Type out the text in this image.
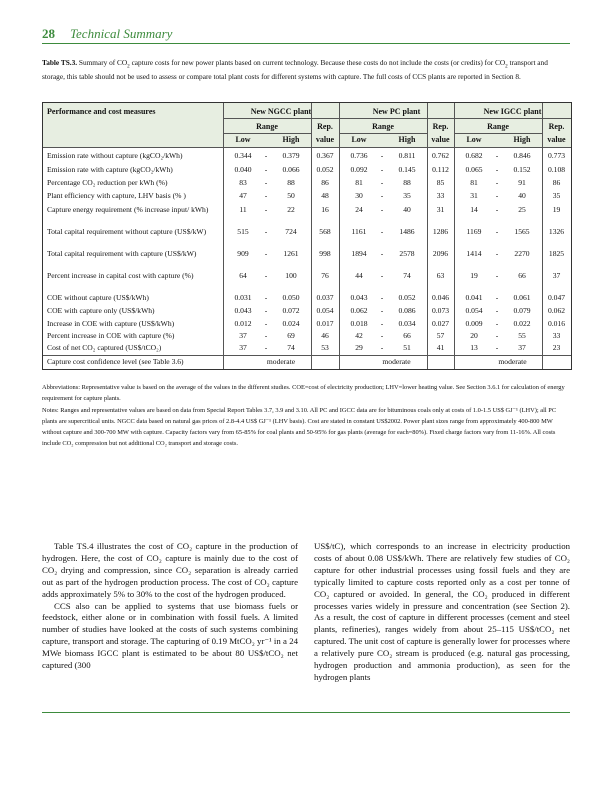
28 Technical Summary
Table TS.3. Summary of $CO_2$ capture costs for new power plants based on current technology. Because these costs do not include the costs (or credits) for $CO_2$ transport and storage, this table should not be used to assess or compare total plant costs for different systems with capture. The full costs of CCS plants are reported in Section 8.
Performance and cost measures	New NGCC plant	New PC plant	New IGCC plant
Range	Rep.
Low	High	value
Range	Rep.
Low	High	value
Range	Rep.
Low	High	value
Emission rate without capture (kgCO₂/kWh)	0.344	-	0.379	0.367	0.736	-	0.811	0.762	0.682	-	0.846	0.773
Emission rate with capture (kgCO₂/kWh)	0.040	-	0.066	0.052	0.092	-	0.145	0.112	0.065	-	0.152	0.108
Percentage CO₂ reduction per kWh (%)	83	-	88	86	81	-	88	85	81	-	91	86
Plant efficiency with capture, LHV basis (% )	47	-	50	48	30	-	35	33	31	-	40	35
Capture energy requirement (% increase input/ kWh)	11	-	22	16	24	-	40	31	14	-	25	19
Total capital requirement without capture (US$/kW)	515	-	724	568	1161	-	1486	1286	1169	-	1565	1326
Total capital requirement with capture (US$/kW)	909	-	1261	998	1894	-	2578	2096	1414	-	2270	1825
Percent increase in capital cost with capture (%)	64	-	100	76	44	-	74	63	19	-	66	37
COE without capture (US$/kWh)	0.031	-	0.050	0.037	0.043	-	0.052	0.046	0.041	-	0.061	0.047
COE with capture only (US$/kWh)	0.043	-	0.072	0.054	0.062	-	0.086	0.073	0.054	-	0.079	0.062
Increase in COE with capture (US$/kWh)	0.012	-	0.024	0.017	0.018	-	0.034	0.027	0.009	-	0.022	0.016
Percent increase in COE with capture (%)	37	-	69	46	42	-	66	57	20	-	55	33
Cost of net CO₂ captured (US$/tCO₂)	37	-	74	53	29	-	51	41	13	-	37	23
Capture cost confidence level (see Table 3.6)	moderate	moderate	moderate

Abbreviations: Representative value is based on the average of the values in the different studies. COE=cost of electricity production; LHV=lower heating value. See Section 3.6.1 for calculation of energy requirement for capture plants.

Notes: Ranges and representative values are based on data from Special Report Tables 3.7, 3.9 and 3.10. All PC and IGCC data are for bituminous coals only at costs of 1.0-1.5 US$ GJ⁻¹ (LHV); all PC plants are supercritical units. NGCC data based on natural gas prices of 2.8-4.4 US$ GJ⁻¹ (LHV basis). Cost are stated in constant US$2002. Power plant sizes range from approximately 400-800 MW without capture and 300-700 MW with capture. Capacity factors vary from 65-85% for coal plants and 50-95% for gas plants (average for each=80%). Fixed charge factors vary from 11-16%. All costs include CO₂ compression but not additional CO₂ transport and storage costs.

Table TS.4 illustrates the cost of CO₂ capture in the production of hydrogen. Here, the cost of CO₂ capture is mainly due to the cost of CO₂ drying and compression, since CO₂ separation is already carried out as part of the hydrogen production process. The cost of CO₂ capture adds approximately 5% to 30% to the cost of the hydrogen produced.

CCS also can be applied to systems that use biomass fuels or feedstock, either alone or in combination with fossil fuels. A limited number of studies have looked at the costs of such systems combining capture, transport and storage. The capturing of 0.19 MtCO₂ yr⁻¹ in a 24 MWe biomass IGCC plant is estimated to be about 80 US$/tCO₂ net captured (300

US$/tC), which corresponds to an increase in electricity production costs of about 0.08 US$/kWh. There are relatively few studies of CO₂ capture for other industrial processes using fossil fuels and they are typically limited to capture costs reported only as a cost per tonne of CO₂ captured or avoided. In general, the CO₂ produced in different processes varies widely in pressure and concentration (see Section 2). As a result, the cost of capture in different processes (cement and steel plants, refineries), ranges widely from about 25–115 US$/tCO₂ net captured. The unit cost of capture is generally lower for processes where a relatively pure CO₂ stream is produced (e.g. natural gas processing, hydrogen production and ammonia production), as seen for the hydrogen plants
